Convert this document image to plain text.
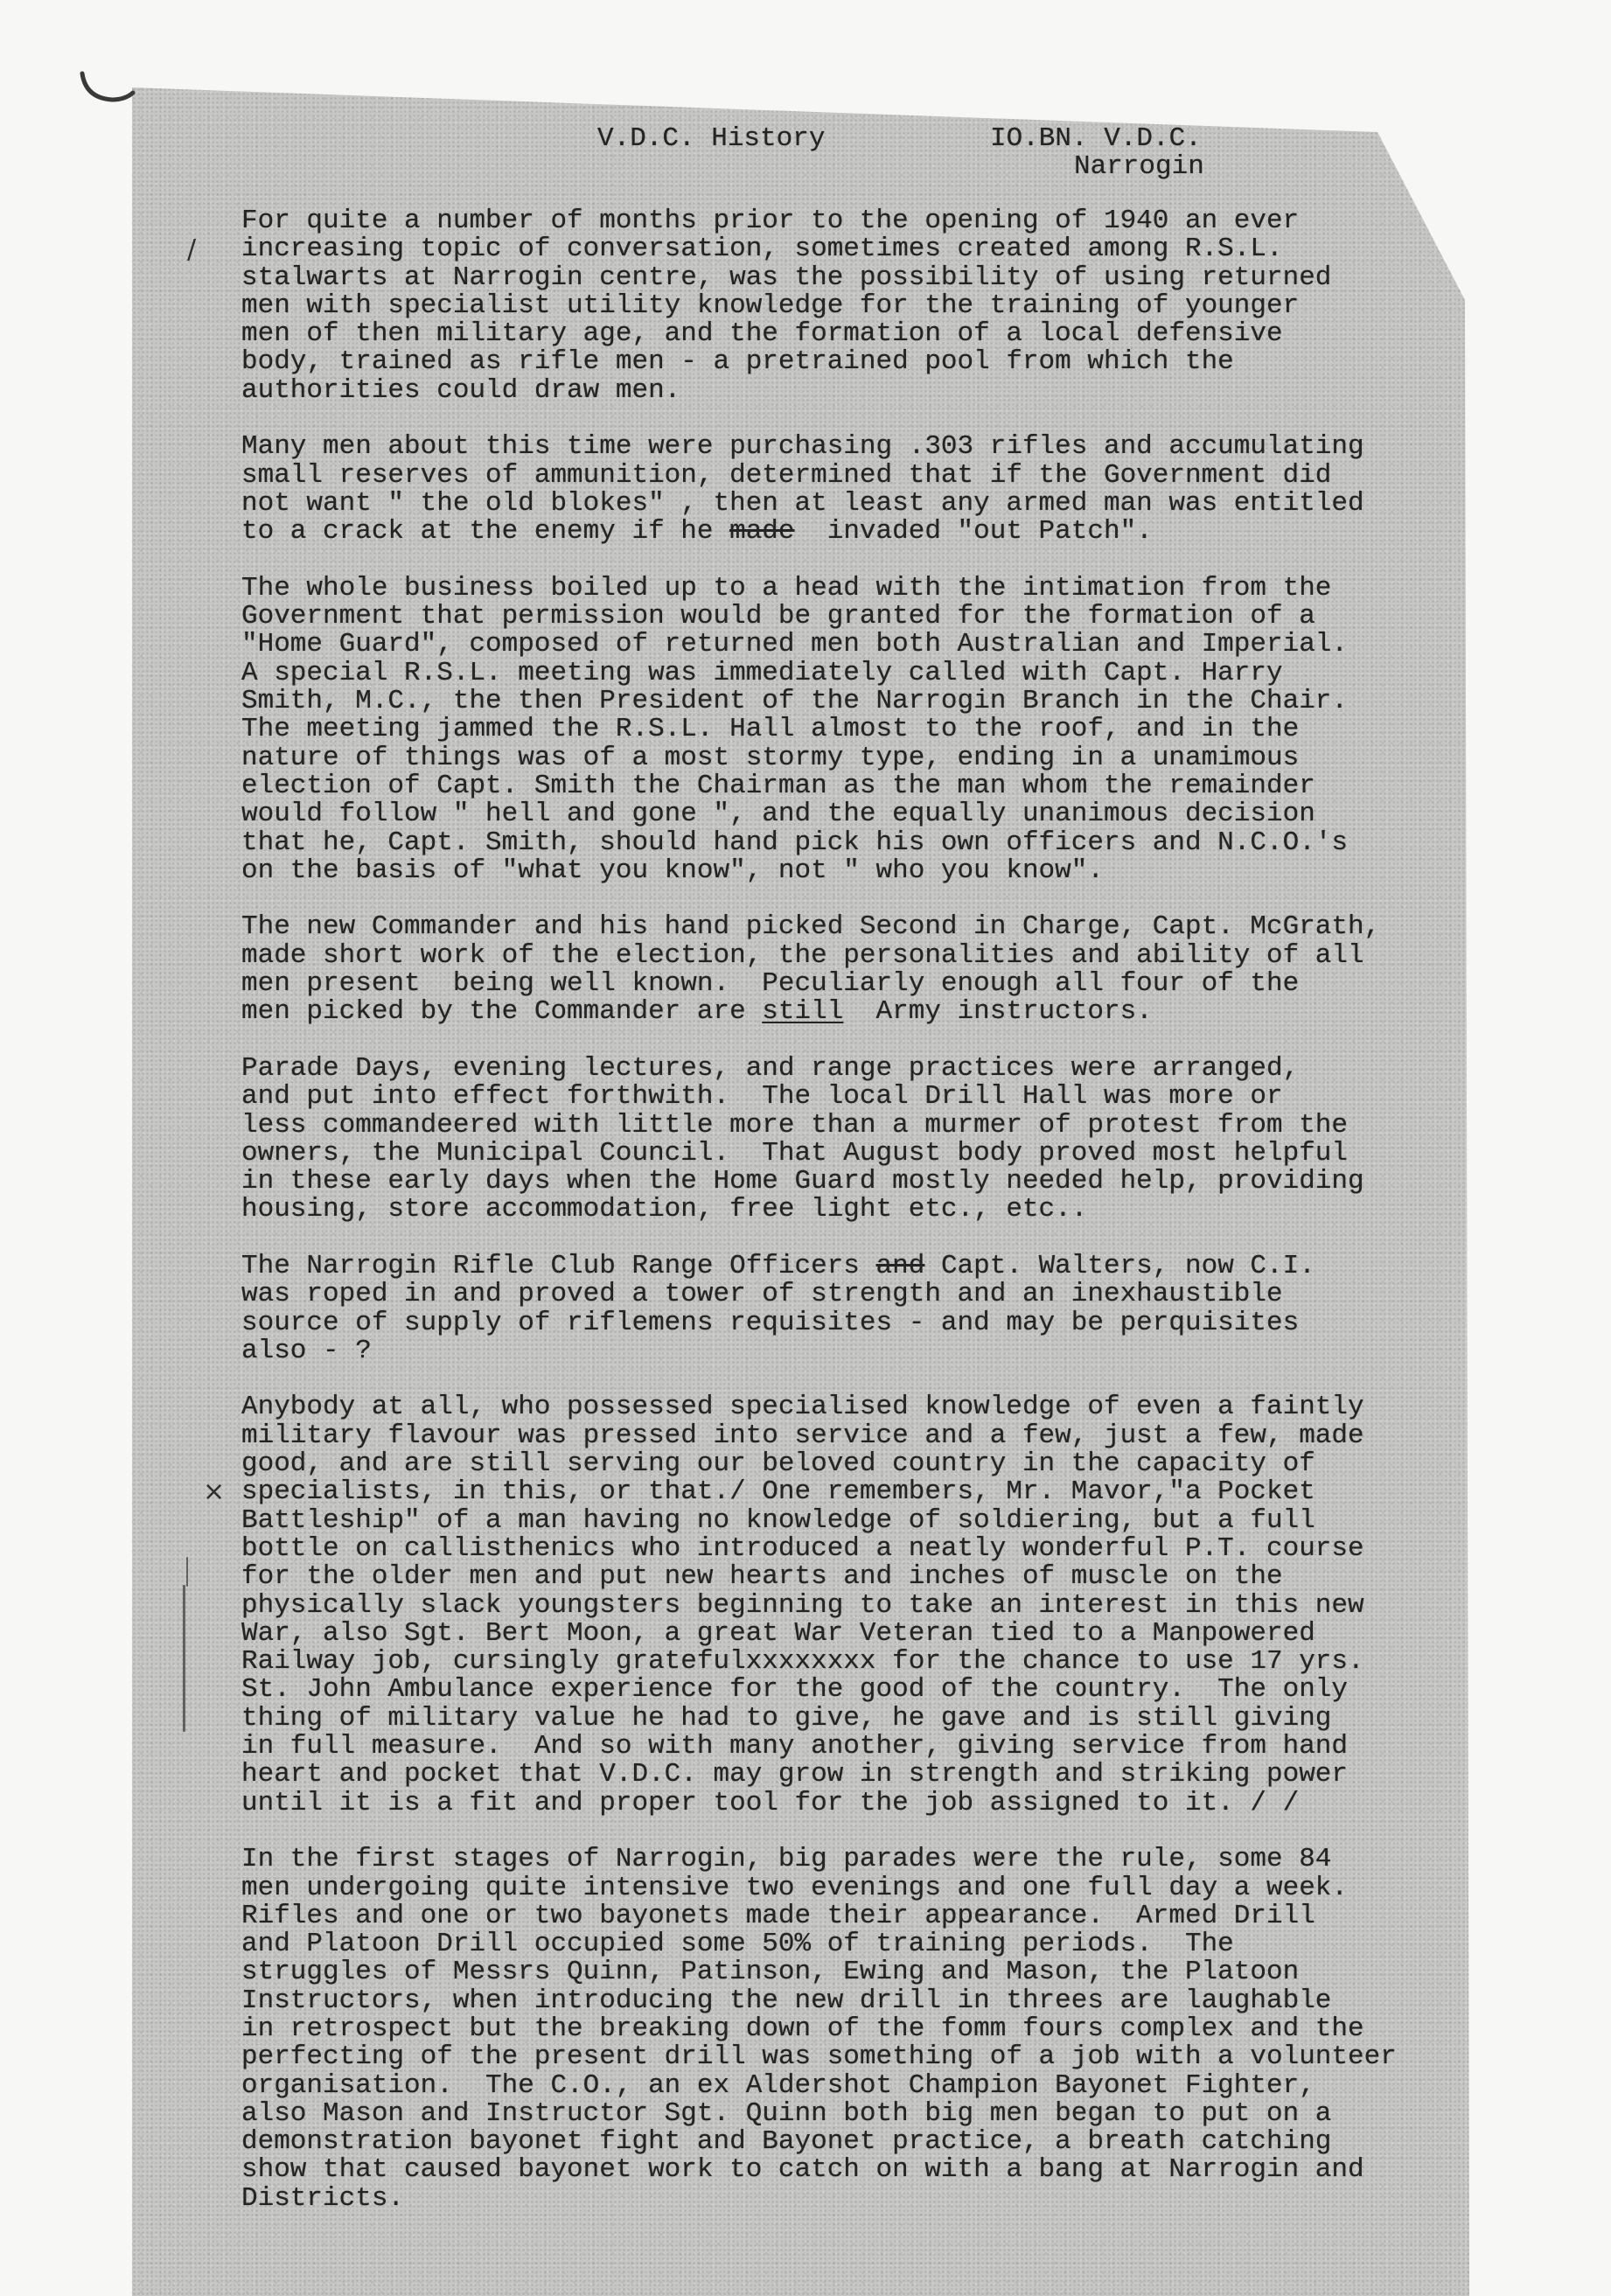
V.D.C. History	IO.BN. V.D.C.
Narrogin
For quite a number of months prior to the opening of 1940 an ever
increasing topic of conversation, sometimes created among R.S.L.
stalwarts at Narrogin centre, was the possibility of using returned
men with specialist utility knowledge for the training of younger
men of then military age, and the formation of a local defensive
body, trained as rifle men - a pretrained pool from which the
authorities could draw men.
Many men about this time were purchasing .303 rifles and accumulating
small reserves of ammunition, determined that if the Government did
not want " the old blokes" , then at least any armed man was entitled
to a crack at the enemy if he made  invaded "out Patch".
The whole business boiled up to a head with the intimation from the
Government that permission would be granted for the formation of a
"Home Guard", composed of returned men both Australian and Imperial.
A special R.S.L. meeting was immediately called with Capt. Harry
Smith, M.C., the then President of the Narrogin Branch in the Chair.
The meeting jammed the R.S.L. Hall almost to the roof, and in the
nature of things was of a most stormy type, ending in a unamimous
election of Capt. Smith the Chairman as the man whom the remainder
would follow " hell and gone ", and the equally unanimous decision
that he, Capt. Smith, should hand pick his own officers and N.C.O.'s
on the basis of "what you know", not " who you know".
The new Commander and his hand picked Second in Charge, Capt. McGrath,
made short work of the election, the personalities and ability of all
men present  being well known.  Peculiarly enough all four of the
men picked by the Commander are still  Army instructors.
Parade Days, evening lectures, and range practices were arranged,
and put into effect forthwith.  The local Drill Hall was more or
less commandeered with little more than a murmer of protest from the
owners, the Municipal Council.  That August body proved most helpful
in these early days when the Home Guard mostly needed help, providing
housing, store accommodation, free light etc., etc..
The Narrogin Rifle Club Range Officers and Capt. Walters, now C.I.
was roped in and proved a tower of strength and an inexhaustible
source of supply of riflemens requisites - and may be perquisites
also - ?
Anybody at all, who possessed specialised knowledge of even a faintly
military flavour was pressed into service and a few, just a few, made
good, and are still serving our beloved country in the capacity of
specialists, in this, or that./ One remembers, Mr. Mavor,"a Pocket
Battleship" of a man having no knowledge of soldiering, but a full
bottle on callisthenics who introduced a neatly wonderful P.T. course
for the older men and put new hearts and inches of muscle on the
physically slack youngsters beginning to take an interest in this new
War, also Sgt. Bert Moon, a great War Veteran tied to a Manpowered
Railway job, cursingly gratefulxxxxxxxx for the chance to use 17 yrs.
St. John Ambulance experience for the good of the country.  The only
thing of military value he had to give, he gave and is still giving
in full measure.  And so with many another, giving service from hand
heart and pocket that V.D.C. may grow in strength and striking power
until it is a fit and proper tool for the job assigned to it. / /
In the first stages of Narrogin, big parades were the rule, some 84
men undergoing quite intensive two evenings and one full day a week.
Rifles and one or two bayonets made their appearance.  Armed Drill
and Platoon Drill occupied some 50% of training periods.  The
struggles of Messrs Quinn, Patinson, Ewing and Mason, the Platoon
Instructors, when introducing the new drill in threes are laughable
in retrospect but the breaking down of the fomm fours complex and the
perfecting of the present drill was something of a job with a volunteer
organisation.  The C.O., an ex Aldershot Champion Bayonet Fighter,
also Mason and Instructor Sgt. Quinn both big men began to put on a
demonstration bayonet fight and Bayonet practice, a breath catching
show that caused bayonet work to catch on with a bang at Narrogin and
Districts.
/
×
